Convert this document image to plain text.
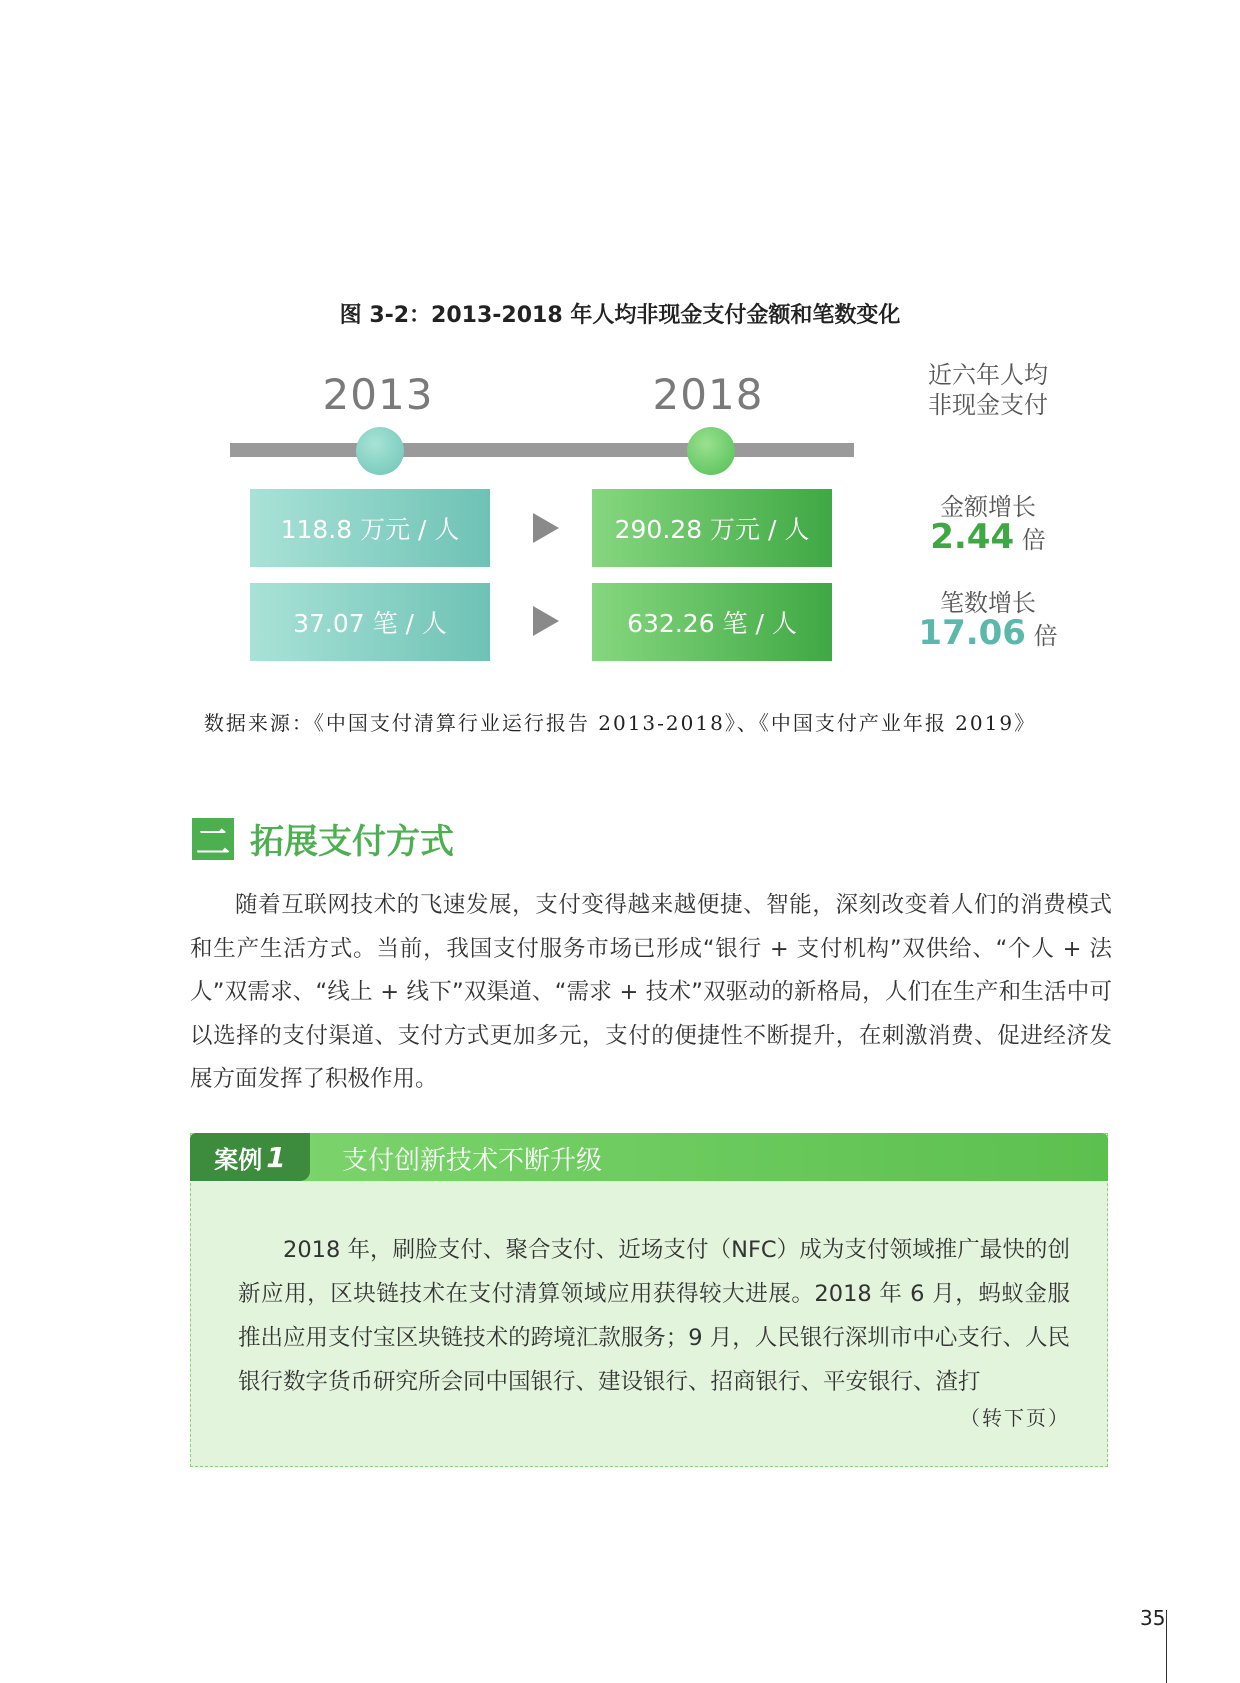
图 3-2：2013-2018 年人均非现金支付金额和笔数变化
2013	2018
118.8 万元 / 人	290.28 万元 / 人
37.07 笔 / 人	632.26 笔 / 人
近六年人均
非现金支付
金额增长
2.44 倍
笔数增长
17.06 倍
数据来源：《中国支付清算行业运行报告 2013-2018》、《中国支付产业年报 2019》
二 拓展支付方式

随着互联网技术的飞速发展，支付变得越来越便捷、智能，深刻改变着人们的消费模式和生产生活方式。当前，我国支付服务市场已形成“银行 + 支付机构”双供给、“个人 + 法人”双需求、“线上 + 线下”双渠道、“需求 + 技术”双驱动的新格局，人们在生产和生活中可以选择的支付渠道、支付方式更加多元，支付的便捷性不断提升，在刺激消费、促进经济发展方面发挥了积极作用。

案例 1 支付创新技术不断升级

2018 年，刷脸支付、聚合支付、近场支付（NFC）成为支付领域推广最快的创新应用，区块链技术在支付清算领域应用获得较大进展。2018 年 6 月，蚂蚁金服推出应用支付宝区块链技术的跨境汇款服务；9 月，人民银行深圳市中心支行、人民银行数字货币研究所会同中国银行、建设银行、招商银行、平安银行、渣打

（转下页）
35
